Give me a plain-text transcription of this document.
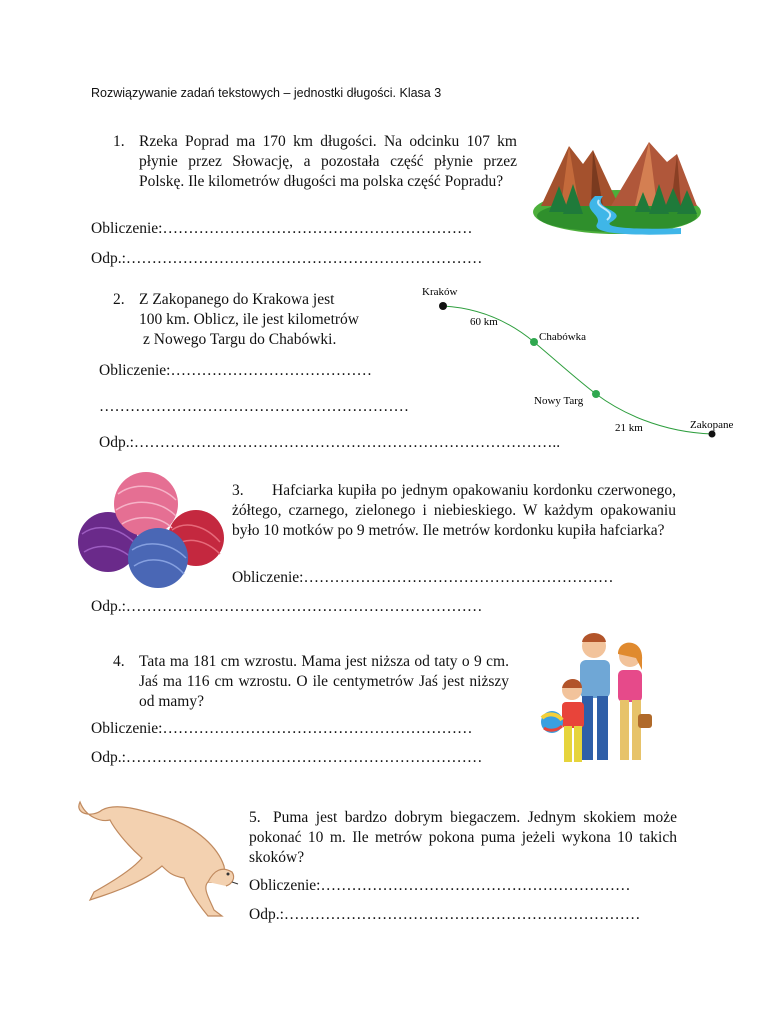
Rozwiązywanie zadań tekstowych – jednostki długości. Klasa 3
1. Rzeka Poprad ma 170 km długości. Na odcinku 107 km płynie przez Słowację, a pozostała część płynie przez Polskę. Ile kilometrów długości ma polska część Popradu?
Obliczenie:……………………………………………………
Odp.:……………………………………………………………
2. Z Zakopanego do Krakowa jest
100 km. Oblicz, ile jest kilometrów
z Nowego Targu do Chabówki.
Kraków
Chabówka
Nowy Targ
Zakopane
60 km
21 km
Obliczenie:…………………………………
……………………………………………………
Odp.:………………………………………………………………………..
3.	Hafciarka kupiła po jednym opakowaniu kordonku czerwonego, żółtego, czarnego, zielonego i niebieskiego. W każdym opakowaniu było 10 motków po 9 metrów. Ile metrów kordonku kupiła hafciarka?
Obliczenie:……………………………………………………
Odp.:……………………………………………………………
4. Tata ma 181 cm wzrostu. Mama jest niższa od taty o 9 cm. Jaś ma 116 cm wzrostu. O ile centymetrów Jaś jest niższy od mamy?
Obliczenie:……………………………………………………
Odp.:……………………………………………………………
5. Puma jest bardzo dobrym biegaczem. Jednym skokiem może pokonać 10 m. Ile metrów pokona puma jeżeli wykona 10 takich skoków?
Obliczenie:……………………………………………………
Odp.:……………………………………………………………
